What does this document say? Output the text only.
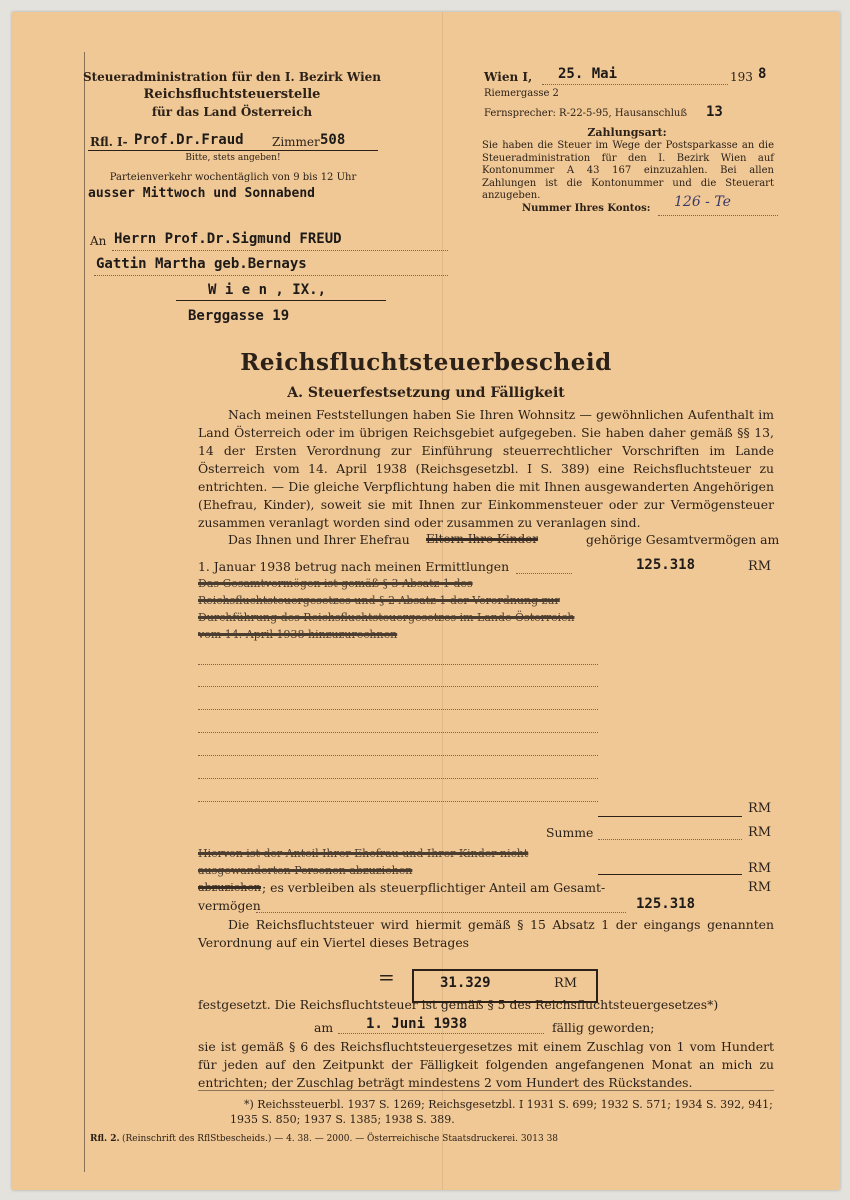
Steueradministration für den I. Bezirk Wien
Reichsfluchtsteuerstelle
für das Land Österreich
Rfl. I- Prof.Dr.Fraud Zimmer 508
Bitte, stets angeben!
Parteienverkehr wochentäglich von 9 bis 12 Uhr
ausser Mittwoch und Sonnabend
Wien I, 25. Mai	193 8
Riemergasse 2
Fernsprecher: R-22-5-95, Hausanschluß 13
Zahlungsart:
Sie haben die Steuer im Wege der Postsparkasse an die Steueradministration für den I. Bezirk Wien auf Kontonummer A 43 167 einzuzahlen. Bei allen Zahlungen ist die Kontonummer und die Steuerart anzugeben.
Nummer Ihres Kontos: 126 - Te
An Herrn Prof.Dr.Sigmund FREUD
Gattin Martha geb.Bernays
W i e n , IX.,
Berggasse 19
Reichsfluchtsteuerbescheid
A. Steuerfestsetzung und Fälligkeit
Nach meinen Feststellungen haben Sie Ihren Wohnsitz — gewöhnlichen Aufenthalt im Land Österreich oder im übrigen Reichsgebiet aufgegeben. Sie haben daher gemäß §§ 13, 14 der Ersten Verordnung zur Einführung steuerrechtlicher Vorschriften im Lande Österreich vom 14. April 1938 (Reichsgesetzbl. I S. 389) eine Reichsfluchtsteuer zu entrichten. — Die gleiche Verpflichtung haben die mit Ihnen ausgewanderten Angehörigen (Ehefrau, Kinder), soweit sie mit Ihnen zur Einkommensteuer oder zur Vermögensteuer zusammen veranlagt worden sind oder zusammen zu veranlagen sind.
Das Ihnen und Ihrer Ehefrau Eltern Ihre Kinder	gehörige Gesamtvermögen am
1. Januar 1938 betrug nach meinen Ermittlungen	125.318	RM
Das Gesamtvermögen ist gemäß § 3 Absatz 1 des Reichsfluchtsteuergesetzes und § 2 Absatz 1 der Verordnung zur Durchführung des Reichsfluchtsteuergesetzes im Lande Österreich vom 14. April 1938 hinzuzurechnen
RM
Summe	RM
Hiervon ist der Anteil Ihrer Ehefrau und Ihrer Kinder nicht ausgewanderten Personen abzuziehen	RM
abzuziehen ; es verbleiben als steuerpflichtiger Anteil am Gesamt-	RM
vermögen	125.318
Die Reichsfluchtsteuer wird hiermit gemäß § 15 Absatz 1 der eingangs genannten Verordnung auf ein Viertel dieses Betrages
=	31.329	RM
festgesetzt. Die Reichsfluchtsteuer ist gemäß § 5 des Reichsfluchtsteuergesetzes*)
am 1. Juni 1938	fällig geworden;
sie ist gemäß § 6 des Reichsfluchtsteuergesetzes mit einem Zuschlag von 1 vom Hundert für jeden auf den Zeitpunkt der Fälligkeit folgenden angefangenen Monat an mich zu entrichten; der Zuschlag beträgt mindestens 2 vom Hundert des Rückstandes.
*) Reichssteuerbl. 1937 S. 1269; Reichsgesetzbl. I 1931 S. 699; 1932 S. 571; 1934 S. 392, 941; 1935 S. 850; 1937 S. 1385; 1938 S. 389.
Rfl. 2. (Reinschrift des RflStbescheids.) — 4. 38. — 2000. — Österreichische Staatsdruckerei. 3013 38
